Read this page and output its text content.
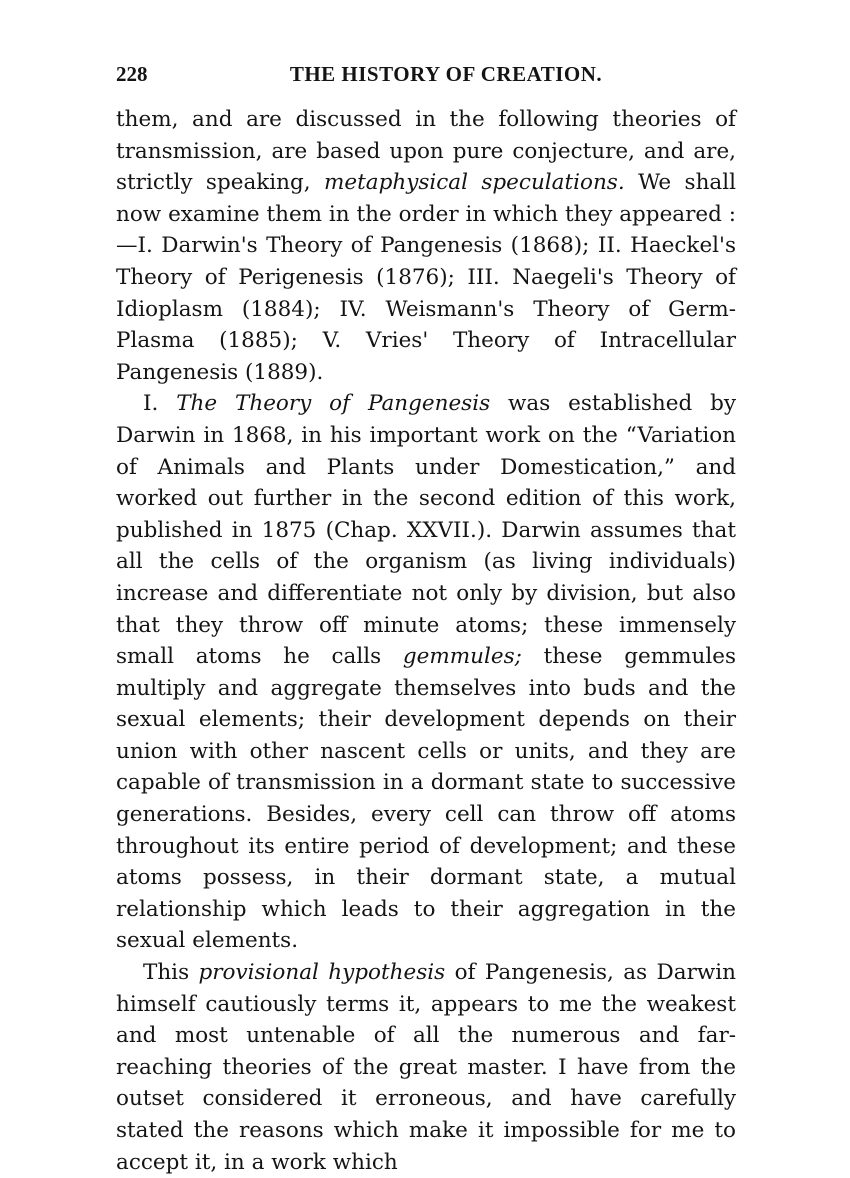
228	THE HISTORY OF CREATION.

them, and are discussed in the following theories of transmission, are based upon pure conjecture, and are, strictly speaking, metaphysical speculations. We shall now examine them in the order in which they appeared :—I. Darwin's Theory of Pangenesis (1868); II. Haeckel's Theory of Perigenesis (1876); III. Naegeli's Theory of Idioplasm (1884); IV. Weismann's Theory of Germ-Plasma (1885); V. Vries' Theory of Intracellular Pangenesis (1889).

I. The Theory of Pangenesis was established by Darwin in 1868, in his important work on the “Variation of Animals and Plants under Domestication,” and worked out further in the second edition of this work, published in 1875 (Chap. XXVII.). Darwin assumes that all the cells of the organism (as living individuals) increase and differentiate not only by division, but also that they throw off minute atoms; these immensely small atoms he calls gemmules; these gemmules multiply and aggregate themselves into buds and the sexual elements; their development depends on their union with other nascent cells or units, and they are capable of transmission in a dormant state to successive generations. Besides, every cell can throw off atoms throughout its entire period of development; and these atoms possess, in their dormant state, a mutual relationship which leads to their aggregation in the sexual elements.

This provisional hypothesis of Pangenesis, as Darwin himself cautiously terms it, appears to me the weakest and most untenable of all the numerous and far-reaching theories of the great master. I have from the outset considered it erroneous, and have carefully stated the reasons which make it impossible for me to accept it, in a work which
